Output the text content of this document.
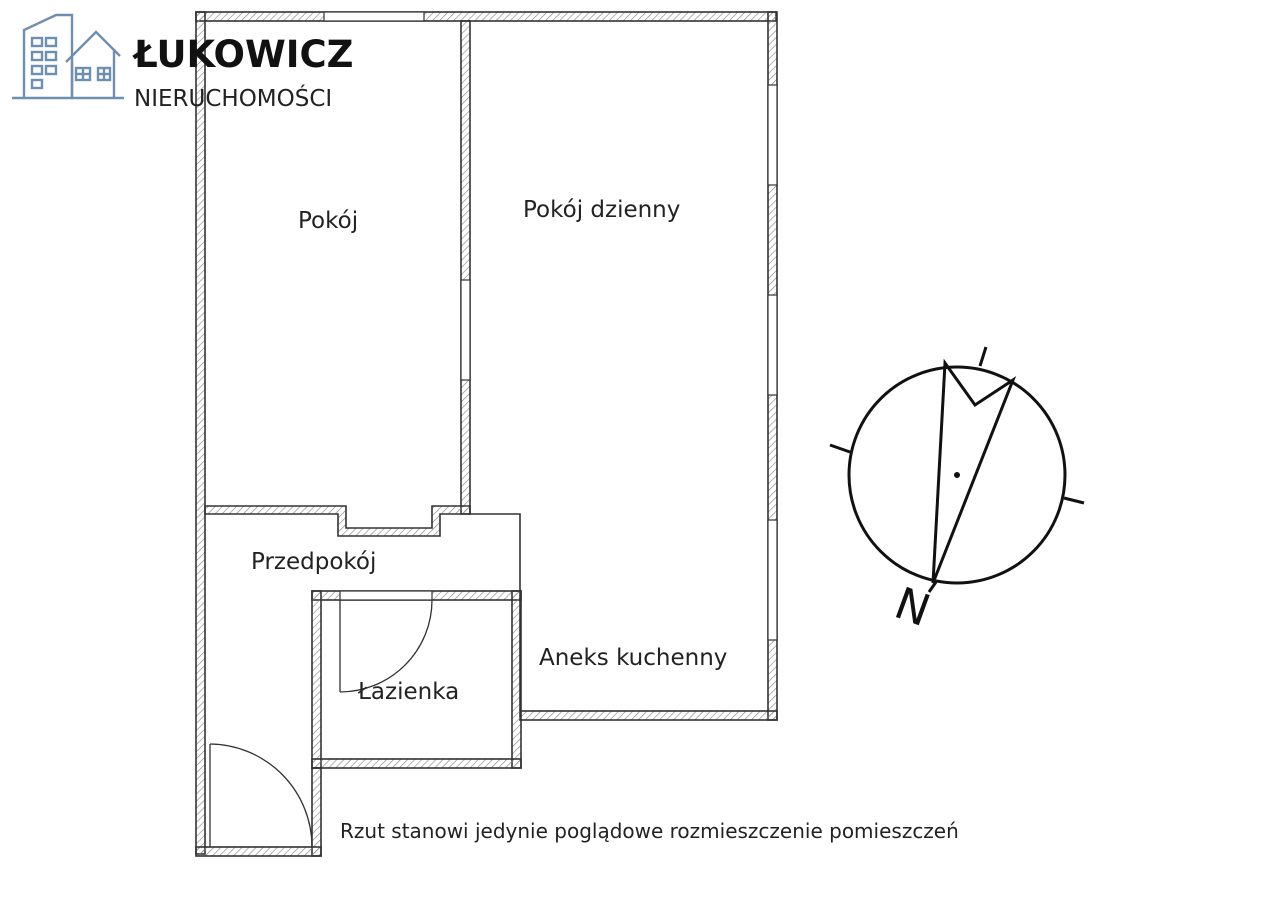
Pokój	Pokój dzienny
Przedpokój
Łazienka
Aneks kuchenny
Rzut stanowi jedynie poglądowe rozmieszczenie pomieszczeń
N
ŁUKOWICZ
NIERUCHOMOŚCI
